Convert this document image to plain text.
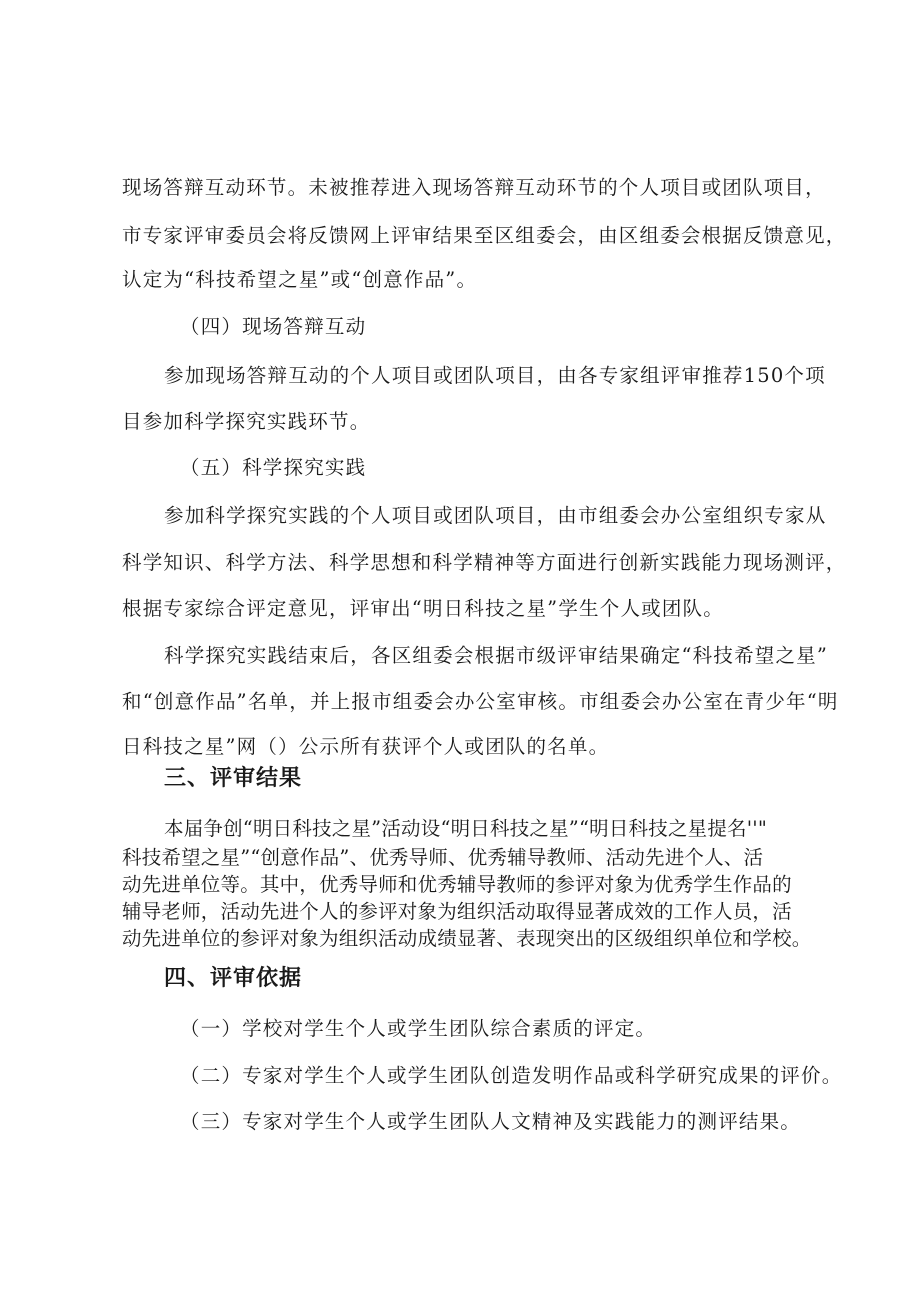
现场答辩互动环节。未被推荐进入现场答辩互动环节的个人项目或团队项目，
市专家评审委员会将反馈网上评审结果至区组委会，由区组委会根据反馈意见，
认定为“科技希望之星”或“创意作品”。
（四）现场答辩互动
参加现场答辩互动的个人项目或团队项目，由各专家组评审推荐150个项
目参加科学探究实践环节。
（五）科学探究实践
参加科学探究实践的个人项目或团队项目，由市组委会办公室组织专家从
科学知识、科学方法、科学思想和科学精神等方面进行创新实践能力现场测评，
根据专家综合评定意见，评审出“明日科技之星”学生个人或团队。
科学探究实践结束后，各区组委会根据市级评审结果确定“科技希望之星”
和“创意作品”名单，并上报市组委会办公室审核。市组委会办公室在青少年“明
日科技之星”网（）公示所有获评个人或团队的名单。
三、评审结果
本届争创“明日科技之星”活动设“明日科技之星”“明日科技之星提名''"
科技希望之星”“创意作品”、优秀导师、优秀辅导教师、活动先进个人、活
动先进单位等。其中，优秀导师和优秀辅导教师的参评对象为优秀学生作品的
辅导老师，活动先进个人的参评对象为组织活动取得显著成效的工作人员，活
动先进单位的参评对象为组织活动成绩显著、表现突出的区级组织单位和学校。
四、评审依据
（一）学校对学生个人或学生团队综合素质的评定。
（二）专家对学生个人或学生团队创造发明作品或科学研究成果的评价。
（三）专家对学生个人或学生团队人文精神及实践能力的测评结果。
